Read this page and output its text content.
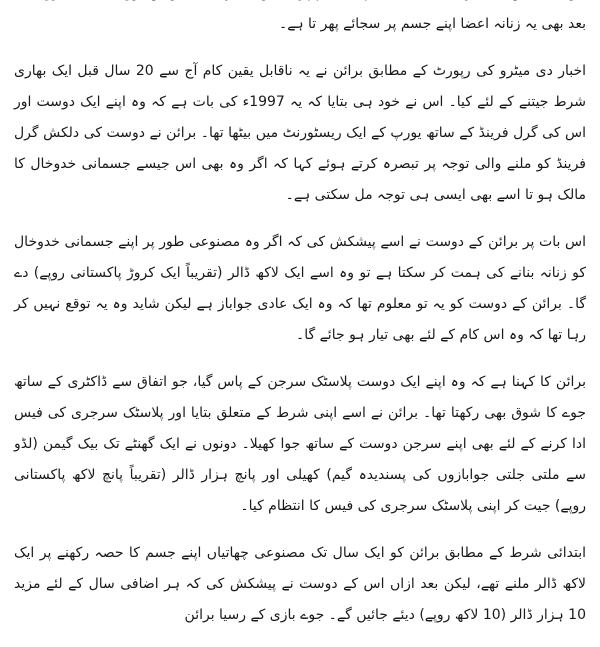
بعد بھی یہ زنانہ اعضا اپنے جسم پر سجائے پھر تا ہے۔

اخبار دی میٹرو کی رپورٹ کے مطابق برائن نے یہ ناقابل یقین کام آج سے 20 سال قبل ایک بھاری شرط جیتنے کے لئے کیا۔ اس نے خود ہی بتایا کہ یہ 1997ء کی بات ہے کہ وہ اپنے ایک دوست اور اس کی گرل فرینڈ کے ساتھ یورپ کے ایک ریسٹورنٹ میں بیٹھا تھا۔ برائن نے دوست کی دلکش گرل فرینڈ کو ملنے والی توجہ پر تبصرہ کرتے ہوئے کہا کہ اگر وہ بھی اس جیسے جسمانی خدوخال کا مالک ہو تا اسے بھی ایسی ہی توجہ مل سکتی ہے۔

اس بات پر برائن کے دوست نے اسے پیشکش کی کہ اگر وہ مصنوعی طور پر اپنے جسمانی خدوخال کو زنانہ بنانے کی ہمت کر سکتا ہے تو وہ اسے ایک لاکھ ڈالر (تقریباً ایک کروڑ پاکستانی روپے) دے گا۔ برائن کے دوست کو یہ تو معلوم تھا کہ وہ ایک عادی جواباز ہے لیکن شاید وہ یہ توقع نہیں کر رہا تھا کہ وہ اس کام کے لئے بھی تیار ہو جائے گا۔

برائن کا کہنا ہے کہ وہ اپنے ایک دوست پلاسٹک سرجن کے پاس گیا، جو اتفاق سے ڈاکٹری کے ساتھ جوے کا شوق بھی رکھتا تھا۔ برائن نے اسے اپنی شرط کے متعلق بتایا اور پلاسٹک سرجری کی فیس ادا کرنے کے لئے بھی اپنے سرجن دوست کے ساتھ جوا کھیلا۔ دونوں نے ایک گھنٹے تک بیک گیمن (لڈو سے ملتی جلتی جوابازوں کی پسندیدہ گیم) کھیلی اور پانچ ہزار ڈالر (تقریباً پانچ لاکھ پاکستانی روپے) جیت کر اپنی پلاسٹک سرجری کی فیس کا انتظام کیا۔

ابتدائی شرط کے مطابق برائن کو ایک سال تک مصنوعی چھاتیاں اپنے جسم کا حصہ رکھنے پر ایک لاکھ ڈالر ملنے تھے، لیکن بعد ازاں اس کے دوست نے پیشکش کی کہ ہر اضافی سال کے لئے مزید 10 ہزار ڈالر (10 لاکھ روپے) دیئے جائیں گے۔ جوے بازی کے رسیا برائن
